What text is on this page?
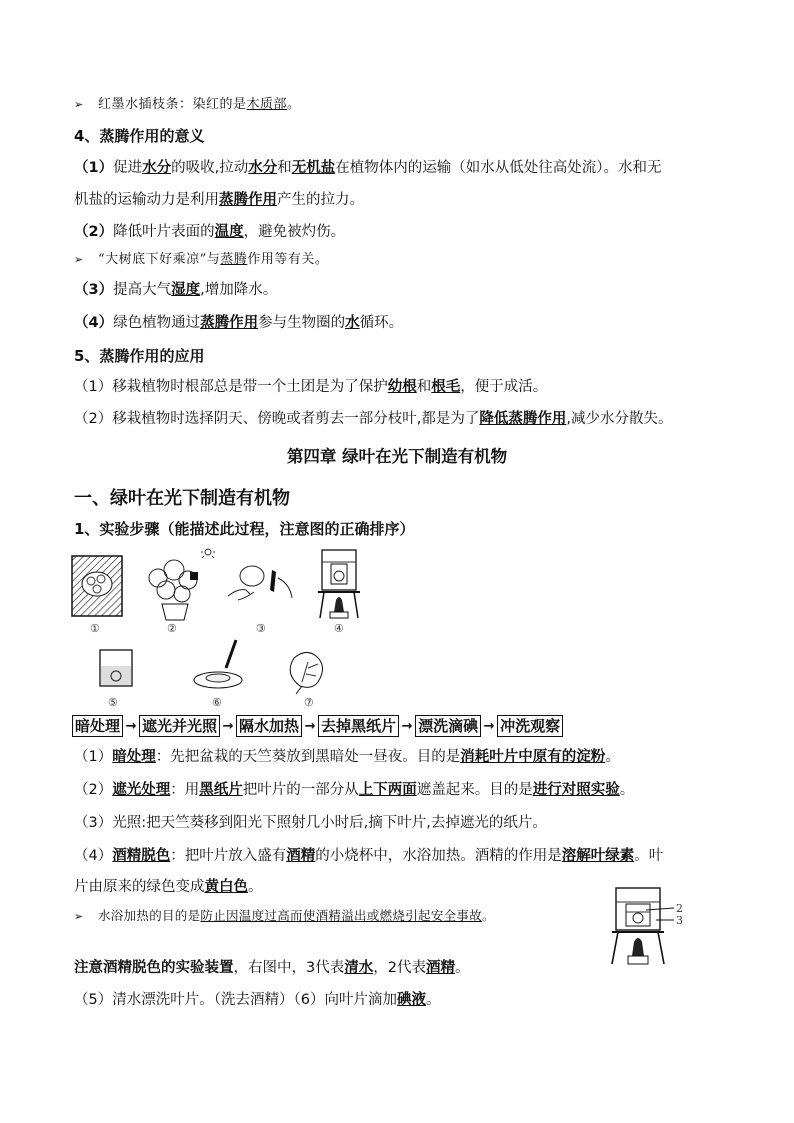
➢ 红墨水插枝条：染红的是木质部。
4、蒸腾作用的意义
（1）促进水分的吸收,拉动水分和无机盐在植物体内的运输（如水从低处往高处流）。水和无
机盐的运输动力是利用蒸腾作用产生的拉力。
（2）降低叶片表面的温度，避免被灼伤。
➢ “大树底下好乘凉”与蒸腾作用等有关。
（3）提高大气湿度,增加降水。
（4）绿色植物通过蒸腾作用参与生物圈的水循环。
5、蒸腾作用的应用
（1）移栽植物时根部总是带一个土团是为了保护幼根和根毛，便于成活。
（2）移栽植物时选择阴天、傍晚或者剪去一部分枝叶,都是为了降低蒸腾作用,减少水分散失。
第四章 绿叶在光下制造有机物
一、绿叶在光下制造有机物
1、实验步骤（能描述此过程，注意图的正确排序）
①	②	③	④
⑤	⑥	⑦
暗处理 → 遮光并光照 → 隔水加热 → 去掉黑纸片 → 漂洗滴碘 → 冲洗观察
（1）暗处理：先把盆栽的天竺葵放到黑暗处一昼夜。目的是消耗叶片中原有的淀粉。
（2）遮光处理：用黑纸片把叶片的一部分从上下两面遮盖起来。目的是进行对照实验。
（3）光照:把天竺葵移到阳光下照射几小时后,摘下叶片,去掉遮光的纸片。
（4）酒精脱色：把叶片放入盛有酒精的小烧杯中，水浴加热。酒精的作用是溶解叶绿素。叶
片由原来的绿色变成黄白色。
➢ 水浴加热的目的是防止因温度过高而使酒精溢出或燃烧引起安全事故。	2
3
注意酒精脱色的实验装置，右图中，3代表清水，2代表酒精。
（5）清水漂洗叶片。（洗去酒精）（6）向叶片滴加碘液。
